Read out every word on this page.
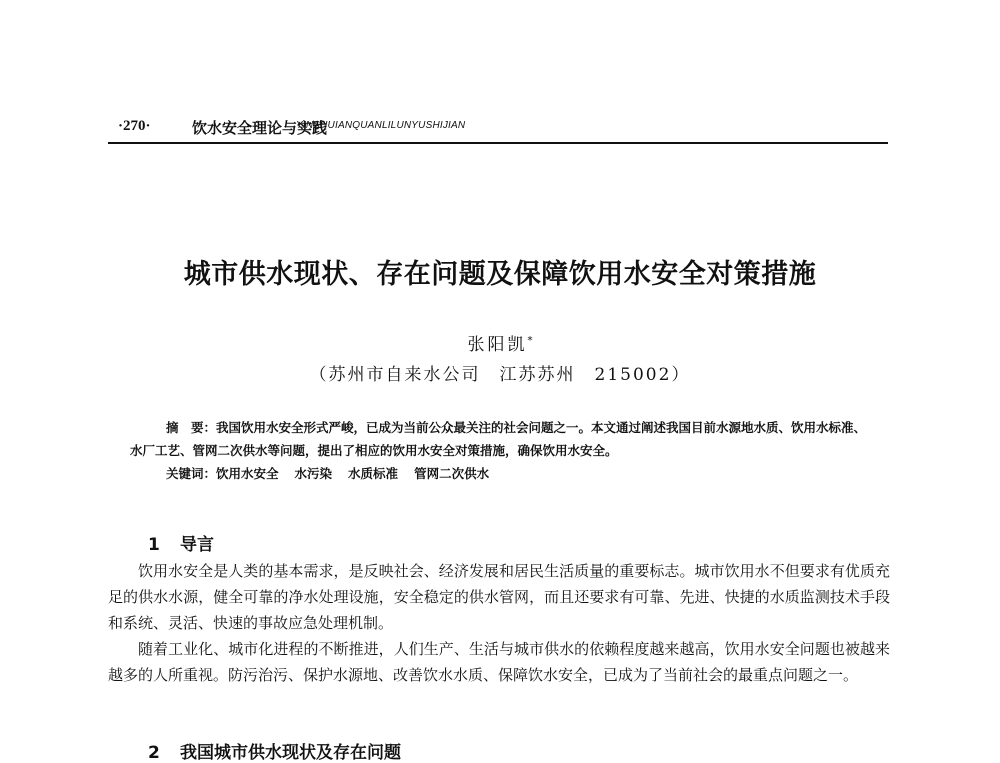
·270·	饮水安全理论与实践
YINSHUIANQUANLILUNYUSHIJIAN
城市供水现状、存在问题及保障饮用水安全对策措施
张阳凯*
（苏州市自来水公司　江苏苏州　215002）
摘　要：我国饮用水安全形式严峻，已成为当前公众最关注的社会问题之一。本文通过阐述我国目前水源地水质、饮用水标准、水厂工艺、管网二次供水等问题，提出了相应的饮用水安全对策措施，确保饮用水安全。
关键词：饮用水安全 水污染 水质标准 管网二次供水
1 导言

饮用水安全是人类的基本需求，是反映社会、经济发展和居民生活质量的重要标志。城市饮用水不但要求有优质充足的供水水源，健全可靠的净水处理设施，安全稳定的供水管网，而且还要求有可靠、先进、快捷的水质监测技术手段和系统、灵活、快速的事故应急处理机制。

随着工业化、城市化进程的不断推进，人们生产、生活与城市供水的依赖程度越来越高，饮用水安全问题也被越来越多的人所重视。防污治污、保护水源地、改善饮水水质、保障饮水安全，已成为了当前社会的最重点问题之一。

2 我国城市供水现状及存在问题
